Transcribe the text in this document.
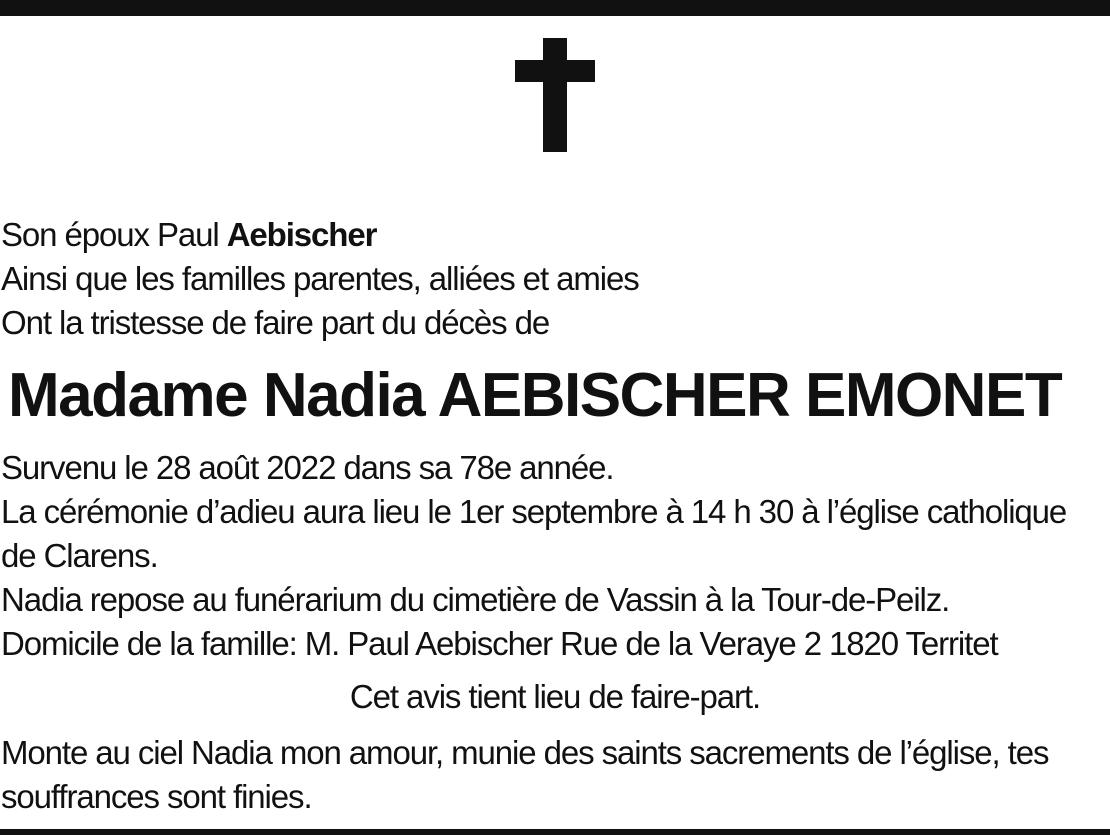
Son époux Paul Aebischer
Ainsi que les familles parentes, alliées et amies
Ont la tristesse de faire part du décès de
Madame Nadia AEBISCHER EMONET
Survenu le 28 août 2022 dans sa 78e année.
La cérémonie d’adieu aura lieu le 1er septembre à 14 h 30 à l’église catholique
de Clarens.
Nadia repose au funérarium du cimetière de Vassin à la Tour-de-Peilz.
Domicile de la famille: M. Paul Aebischer Rue de la Veraye 2 1820 Territet
Cet avis tient lieu de faire-part.
Monte au ciel Nadia mon amour, munie des saints sacrements de l’église, tes
souffrances sont finies.
